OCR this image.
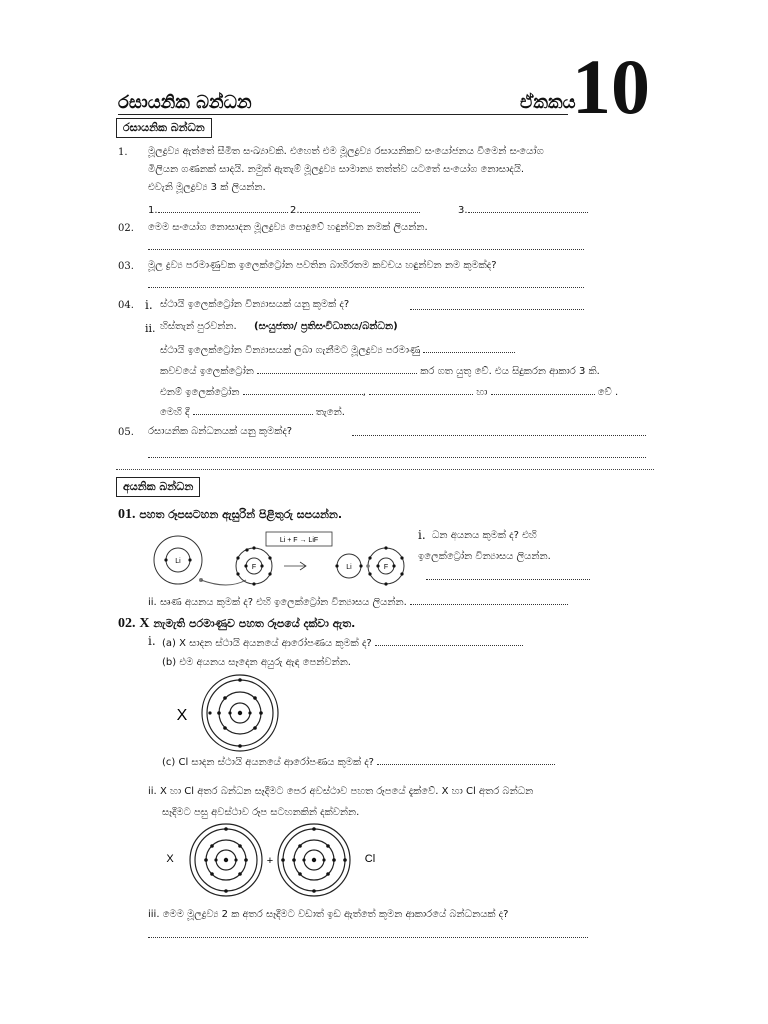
රසායනික බන්ධන	ඒකකය
10
රසායනික බන්ධන
1. මූලද්‍රව්‍ය ඇත්තේ සීමිත සංඛ්‍යාවකි. එහෙත් එම මූලද්‍රව්‍ය රසායනිකව සංයෝජනය වීමෙන් සංයෝග
මිලියන ගණනක් සාදයි. නමුත් ඇතැම් මූලද්‍රව්‍ය සාමාන්‍ය තත්ත්ව යටතේ සංයෝග නොසාදයි.
එවැනි මූලද්‍රව්‍ය 3 ක් ලියන්න.
1.	2.	3.
02. මෙම සංයෝග නොසාදන මූලද්‍රව්‍ය පොදුවේ හඳුන්වන නමක් ලියන්න.
03. මූල ද්‍රව්‍ය පරමාණුවක ඉලෙක්ට්‍රෝන පවතින බාහිරතම කවචය හඳුන්වන නම කුමක්ද?
04. i. ස්ථායි ඉලෙක්ට්‍රෝන වින්‍යාසයක් යනු කුමක් ද?
ii. හිස්තැන් පුරවන්න. (සංයුජතා/ ප්‍රතිසංවිධානය/බන්ධන)
ස්ථායි ඉලෙක්ට්‍රෝන වින්‍යාසයක් ලබා ගැනීමට මූලද්‍රව්‍ය පරමාණු
කවචයේ ඉලෙක්ට්‍රෝන	කර ගත යුතු වේ. එය සිදුකරන ආකාර 3 කි.
එනම් ඉලෙක්ට්‍රෝන	,	හා	වේ .
මෙහි දී	තැනේ.
05. රසායනික බන්ධනයක් යනු කුමක්ද?
අයනික බන්ධන
01. පහත රූපසටහන ඇසුරින් පිළිතුරු සපයන්න.
Li + F → LiF
Li
F	Li	F
i. ධන අයනය කුමක් ද? එහි
ඉලෙක්ට්‍රෝන වින්‍යාසය ලියන්න.
ii. සෘණ අයනය කුමක් ද? එහි ඉලෙක්ට්‍රෝන වින්‍යාසය ලියන්න.
02. X නැමැති පරමාණුව පහත රූපයේ දක්වා ඇත.
i. (a) X සාදන ස්ථායි අයනයේ ආරෝපණය කුමක් ද?
(b) එම අයනය සෑදෙන අයුරු ඇඳ පෙන්වන්න.
X
(c) Cl සාදන ස්ථායි අයනයේ ආරෝපණය කුමක් ද?
ii. X හා Cl අතර බන්ධන සෑදීමට පෙර අවස්ථාව පහත රූපයේ දැක්වේ. X හා Cl අතර බන්ධන
සෑදීමට පසු අවස්ථාව රූප සටහනකින් දක්වන්න.
X	+	Cl
iii. මෙම මූලද්‍රව්‍ය 2 ක අතර සෑදීමට වඩාත් ඉඩ ඇත්තේ කුමන ආකාරයේ බන්ධනයක් ද?
